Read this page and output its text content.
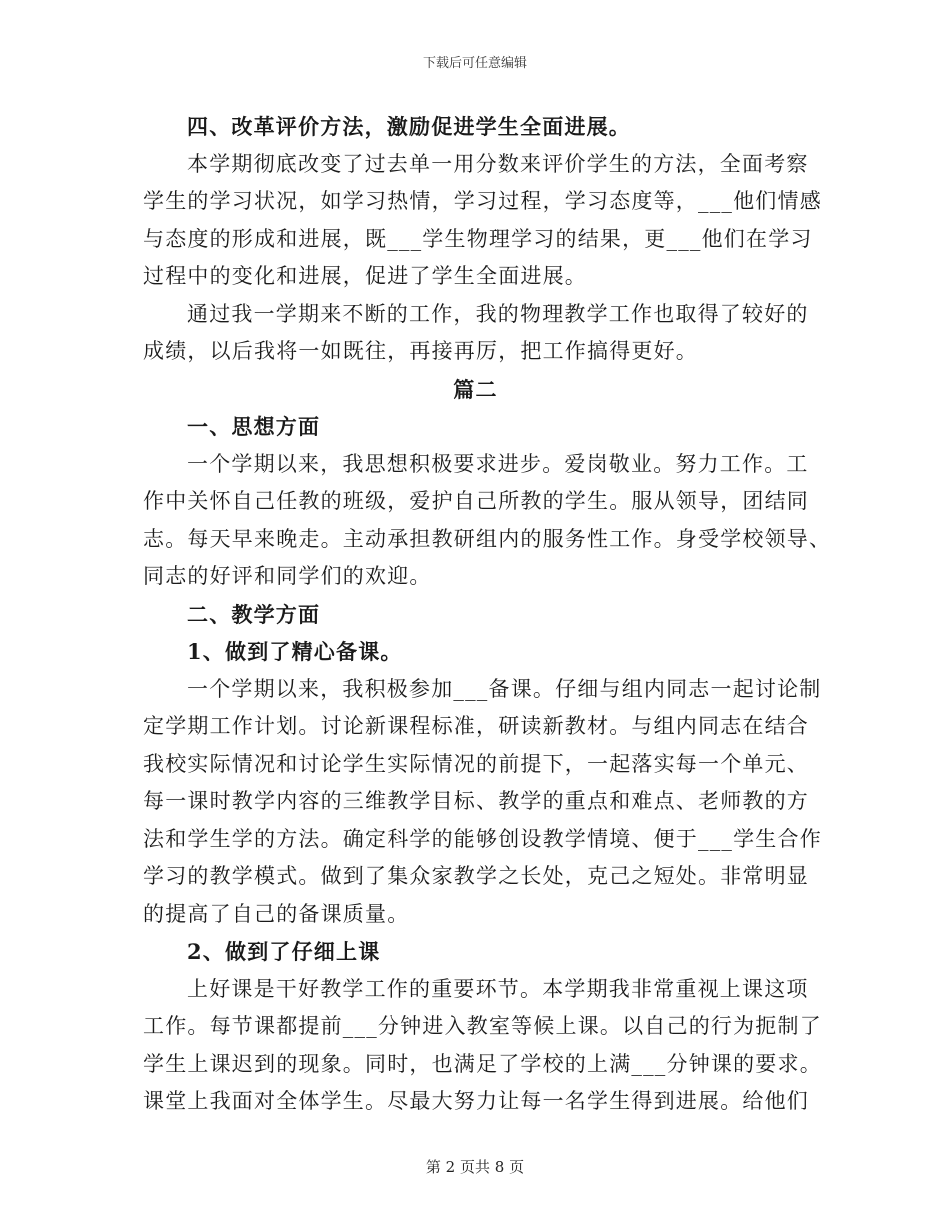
下载后可任意编辑
四、改革评价方法，激励促进学生全面进展。
本学期彻底改变了过去单一用分数来评价学生的方法，全面考察
学生的学习状况，如学习热情，学习过程，学习态度等，___他们情感
与态度的形成和进展，既___学生物理学习的结果，更___他们在学习
过程中的变化和进展，促进了学生全面进展。
通过我一学期来不断的工作，我的物理教学工作也取得了较好的
成绩，以后我将一如既往，再接再厉，把工作搞得更好。
篇二
一、思想方面
一个学期以来，我思想积极要求进步。爱岗敬业。努力工作。工
作中关怀自己任教的班级，爱护自己所教的学生。服从领导，团结同
志。每天早来晚走。主动承担教研组内的服务性工作。身受学校领导、
同志的好评和同学们的欢迎。
二、教学方面
1、做到了精心备课。
一个学期以来，我积极参加___备课。仔细与组内同志一起讨论制
定学期工作计划。讨论新课程标准，研读新教材。与组内同志在结合
我校实际情况和讨论学生实际情况的前提下，一起落实每一个单元、
每一课时教学内容的三维教学目标、教学的重点和难点、老师教的方
法和学生学的方法。确定科学的能够创设教学情境、便于___学生合作
学习的教学模式。做到了集众家教学之长处，克己之短处。非常明显
的提高了自己的备课质量。
2、做到了仔细上课
上好课是干好教学工作的重要环节。本学期我非常重视上课这项
工作。每节课都提前___分钟进入教室等候上课。以自己的行为扼制了
学生上课迟到的现象。同时，也满足了学校的上满___分钟课的要求。
课堂上我面对全体学生。尽最大努力让每一名学生得到进展。给他们
第 2 页共 8 页
